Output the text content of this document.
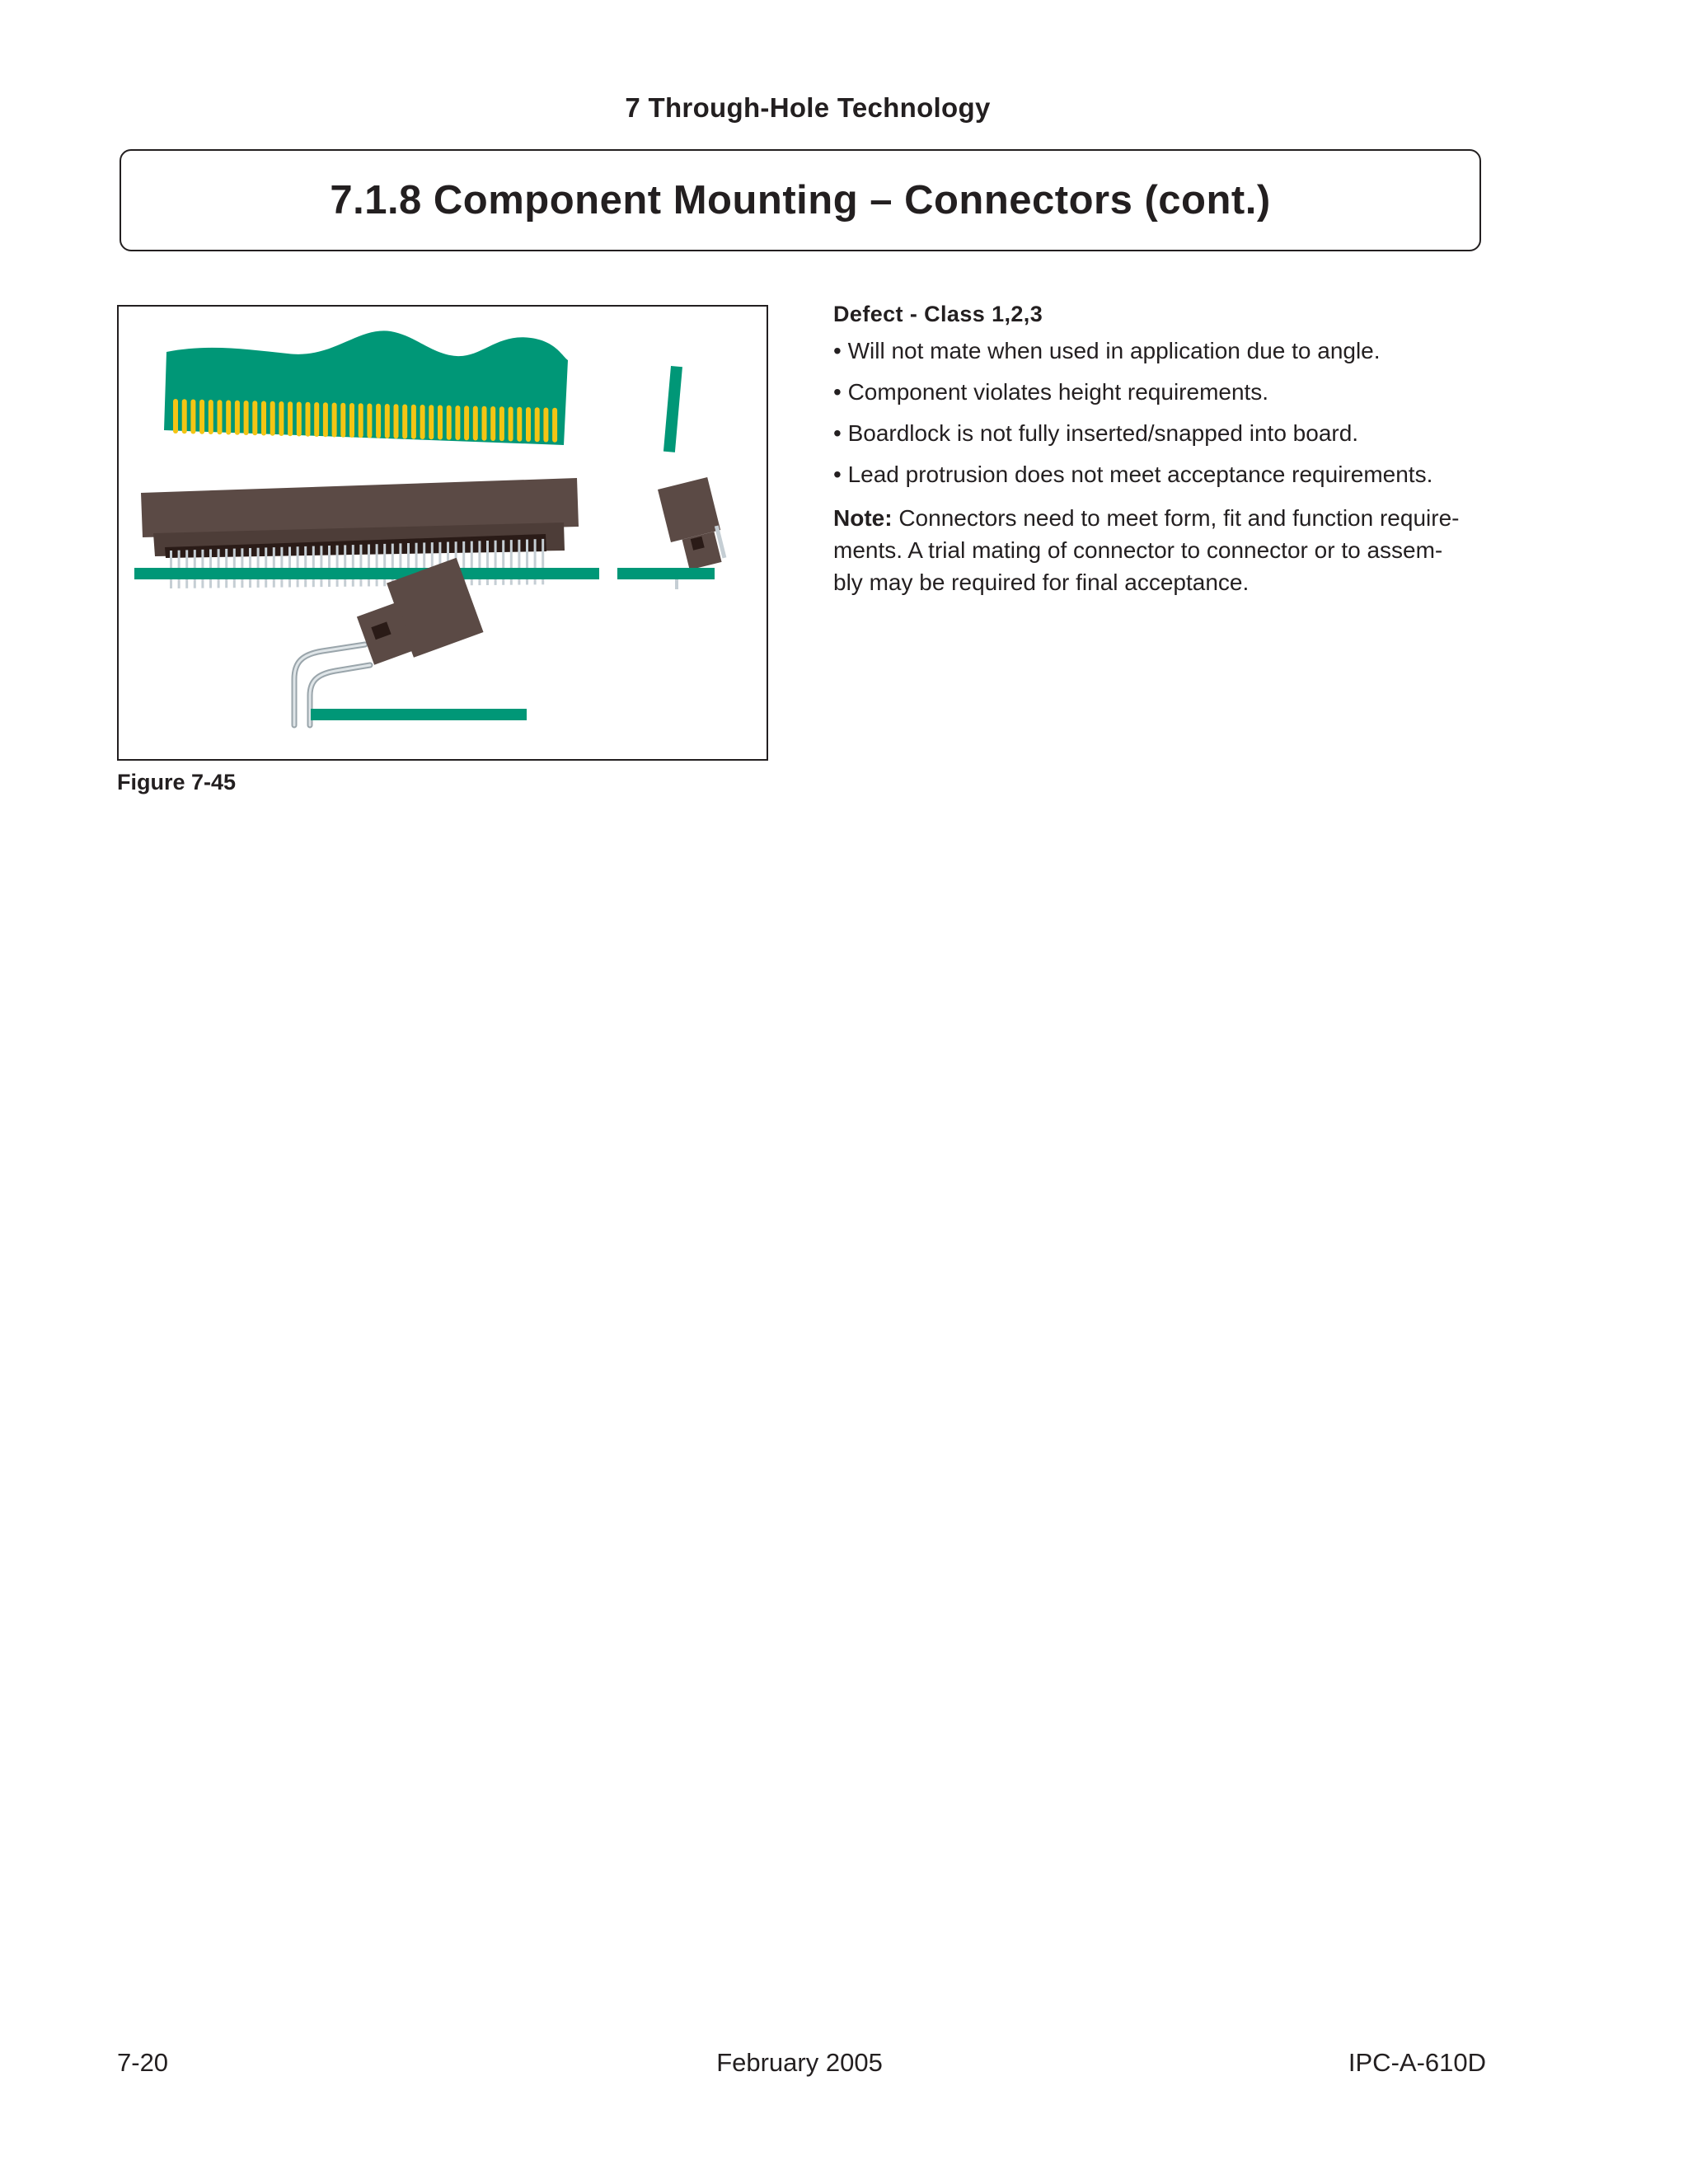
7 Through-Hole Technology
7.1.8 Component Mounting – Connectors (cont.)
Figure 7-45
Defect - Class 1,2,3
• Will not mate when used in application due to angle.
• Component violates height requirements.
• Boardlock is not fully inserted/snapped into board.
• Lead protrusion does not meet acceptance requirements.

Note: Connectors need to meet form, fit and function require-
ments. A trial mating of connector to connector or to assem-
bly may be required for final acceptance.

7-20	February 2005	IPC-A-610D
